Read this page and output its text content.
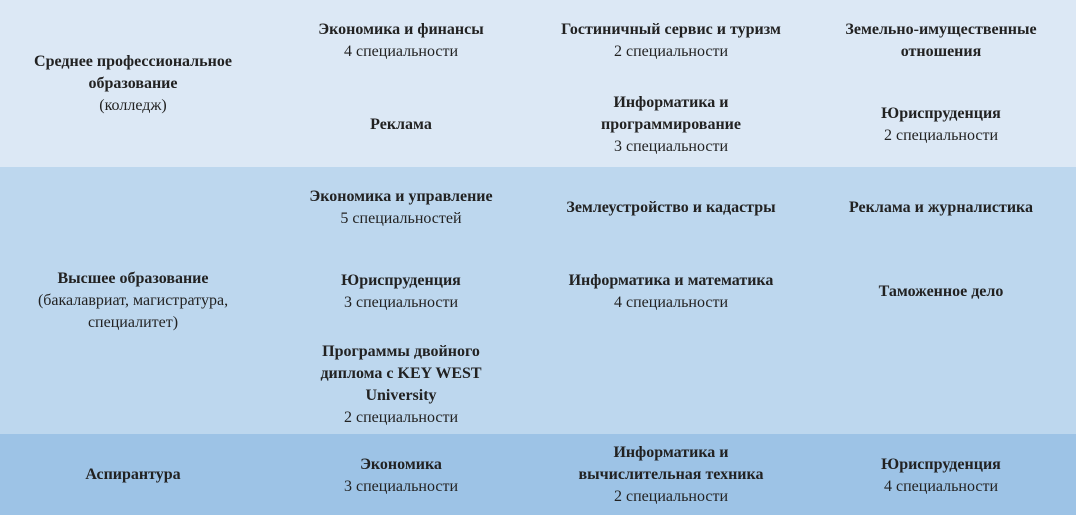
Среднее профессиональное образование
(колледж)
Экономика и финансы
4 специальности
Гостиничный сервис и туризм
2 специальности
Земельно-имущественные отношения
Реклама
Информатика и программирование
3 специальности
Юриспруденция
2 специальности
Высшее образование
(бакалавриат, магистратура, специалитет)
Экономика и управление
5 специальностей
Землеустройство и кадастры	Реклама и журналистика
Юриспруденция
3 специальности
Информатика и математика
4 специальности
Таможенное дело
Программы двойного диплома с KEY WEST University
2 специальности
Аспирантура
Экономика
3 специальности
Информатика и вычислительная техника
2 специальности
Юриспруденция
4 специальности
